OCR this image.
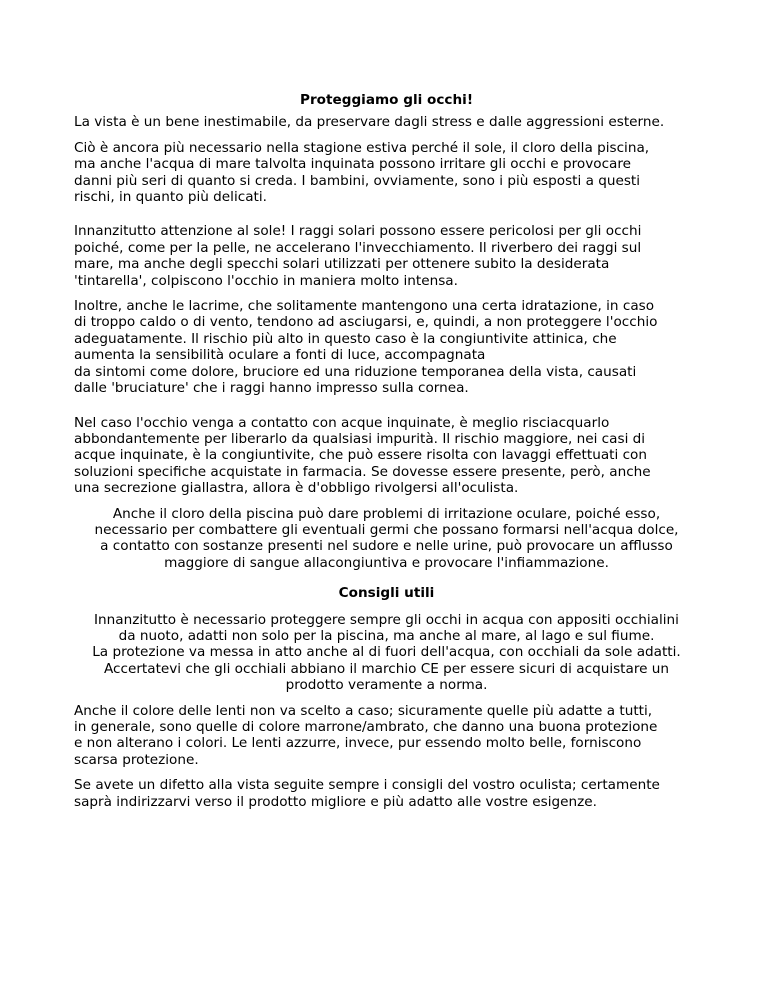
Proteggiamo gli occhi!
La vista è un bene inestimabile, da preservare dagli stress e dalle aggressioni esterne.
Ciò è ancora più necessario nella stagione estiva perché il sole, il cloro della piscina,
ma anche l'acqua di mare talvolta inquinata possono irritare gli occhi e provocare
danni più seri di quanto si creda. I bambini, ovviamente, sono i più esposti a questi
rischi, in quanto più delicati.
Innanzitutto attenzione al sole! I raggi solari possono essere pericolosi per gli occhi
poiché, come per la pelle, ne accelerano l'invecchiamento. Il riverbero dei raggi sul
mare, ma anche degli specchi solari utilizzati per ottenere subito la desiderata
'tintarella', colpiscono l'occhio in maniera molto intensa.
Inoltre, anche le lacrime, che solitamente mantengono una certa idratazione, in caso
di troppo caldo o di vento, tendono ad asciugarsi, e, quindi, a non proteggere l'occhio
adeguatamente. Il rischio più alto in questo caso è la congiuntivite attinica, che
aumenta la sensibilità oculare a fonti di luce, accompagnata
da sintomi come dolore, bruciore ed una riduzione temporanea della vista, causati
dalle 'bruciature' che i raggi hanno impresso sulla cornea.
Nel caso l'occhio venga a contatto con acque inquinate, è meglio risciacquarlo
abbondantemente per liberarlo da qualsiasi impurità. Il rischio maggiore, nei casi di
acque inquinate, è la congiuntivite, che può essere risolta con lavaggi effettuati con
soluzioni specifiche acquistate in farmacia. Se dovesse essere presente, però, anche
una secrezione giallastra, allora è d'obbligo rivolgersi all'oculista.
Anche il cloro della piscina può dare problemi di irritazione oculare, poiché esso,
necessario per combattere gli eventuali germi che possano formarsi nell'acqua dolce,
a contatto con sostanze presenti nel sudore e nelle urine, può provocare un afflusso
maggiore di sangue allacongiuntiva e provocare l'infiammazione.
Consigli utili
Innanzitutto è necessario proteggere sempre gli occhi in acqua con appositi occhialini
da nuoto, adatti non solo per la piscina, ma anche al mare, al lago e sul fiume.
La protezione va messa in atto anche al di fuori dell'acqua, con occhiali da sole adatti.
Accertatevi che gli occhiali abbiano il marchio CE per essere sicuri di acquistare un
prodotto veramente a norma.
Anche il colore delle lenti non va scelto a caso; sicuramente quelle più adatte a tutti,
in generale, sono quelle di colore marrone/ambrato, che danno una buona protezione
e non alterano i colori. Le lenti azzurre, invece, pur essendo molto belle, forniscono
scarsa protezione.
Se avete un difetto alla vista seguite sempre i consigli del vostro oculista; certamente
saprà indirizzarvi verso il prodotto migliore e più adatto alle vostre esigenze.
